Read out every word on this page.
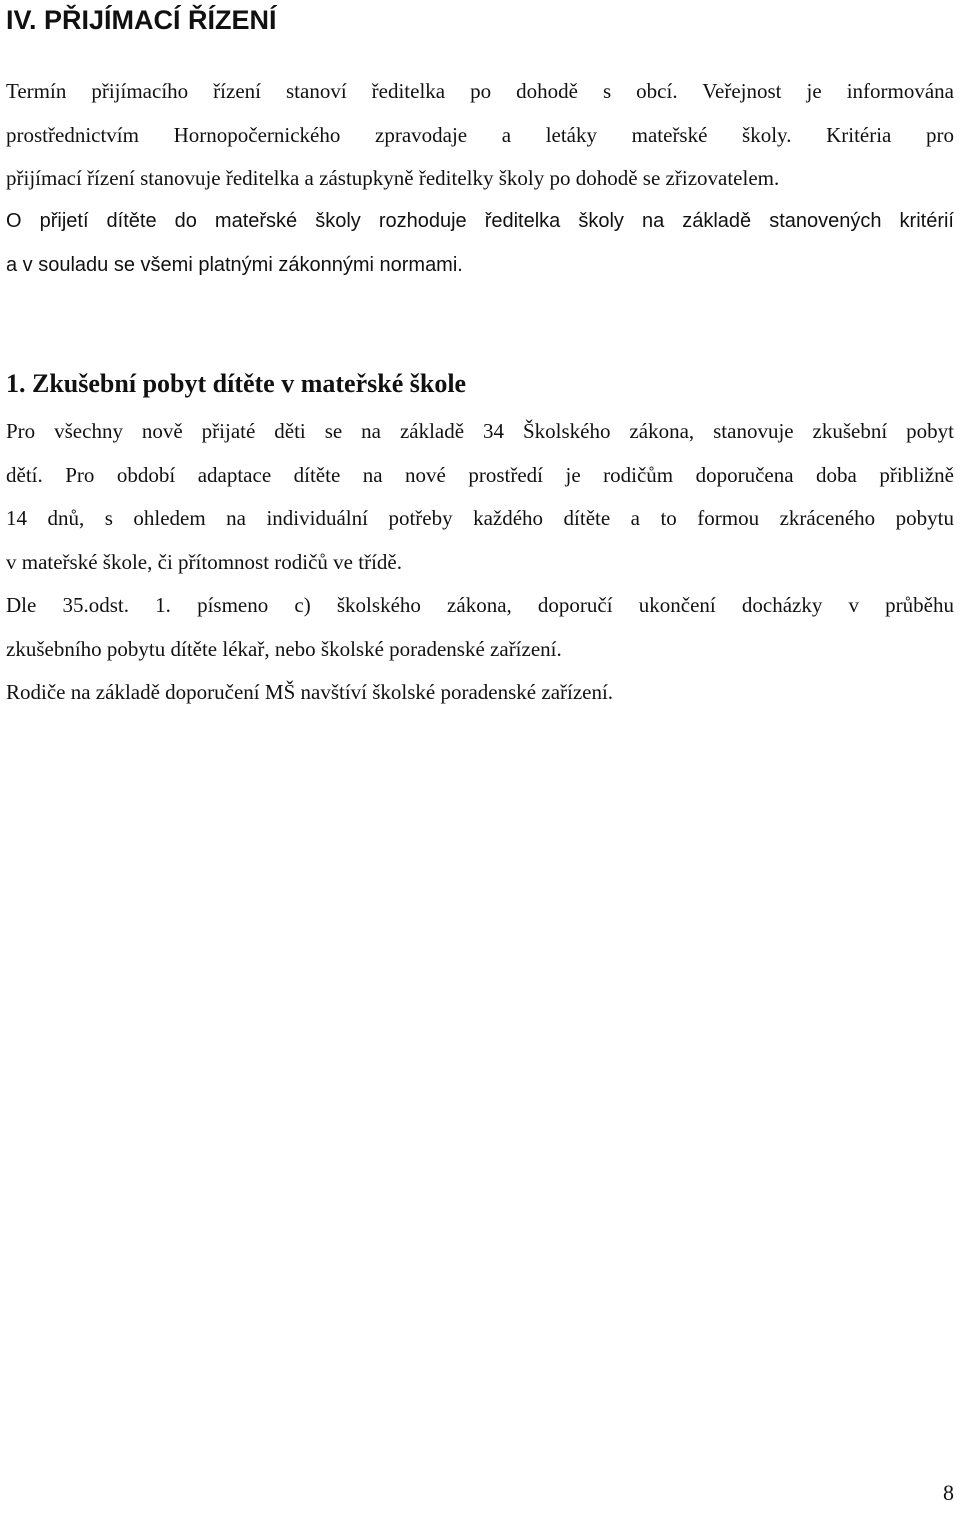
IV. PŘIJÍMACÍ ŘÍZENÍ
Termín přijímacího řízení stanoví ředitelka po dohodě s obcí. Veřejnost je informována
prostřednictvím Hornopočernického zpravodaje a letáky mateřské školy. Kritéria pro
přijímací řízení stanovuje ředitelka a zástupkyně ředitelky školy po dohodě se zřizovatelem.
O přijetí dítěte do mateřské školy rozhoduje ředitelka školy na základě stanovených kritérií
a v souladu se všemi platnými zákonnými normami.
1. Zkušební pobyt dítěte v mateřské škole
Pro všechny nově přijaté děti se na základě 34 Školského zákona, stanovuje zkušební pobyt
dětí. Pro období adaptace dítěte na nové prostředí je rodičům doporučena doba přibližně
14 dnů, s ohledem na individuální potřeby každého dítěte a to formou zkráceného pobytu
v mateřské škole, či přítomnost rodičů ve třídě.
Dle 35.odst. 1. písmeno c) školského zákona, doporučí ukončení docházky v průběhu
zkušebního pobytu dítěte lékař, nebo školské poradenské zařízení.
Rodiče na základě doporučení MŠ navštíví školské poradenské zařízení.

8
